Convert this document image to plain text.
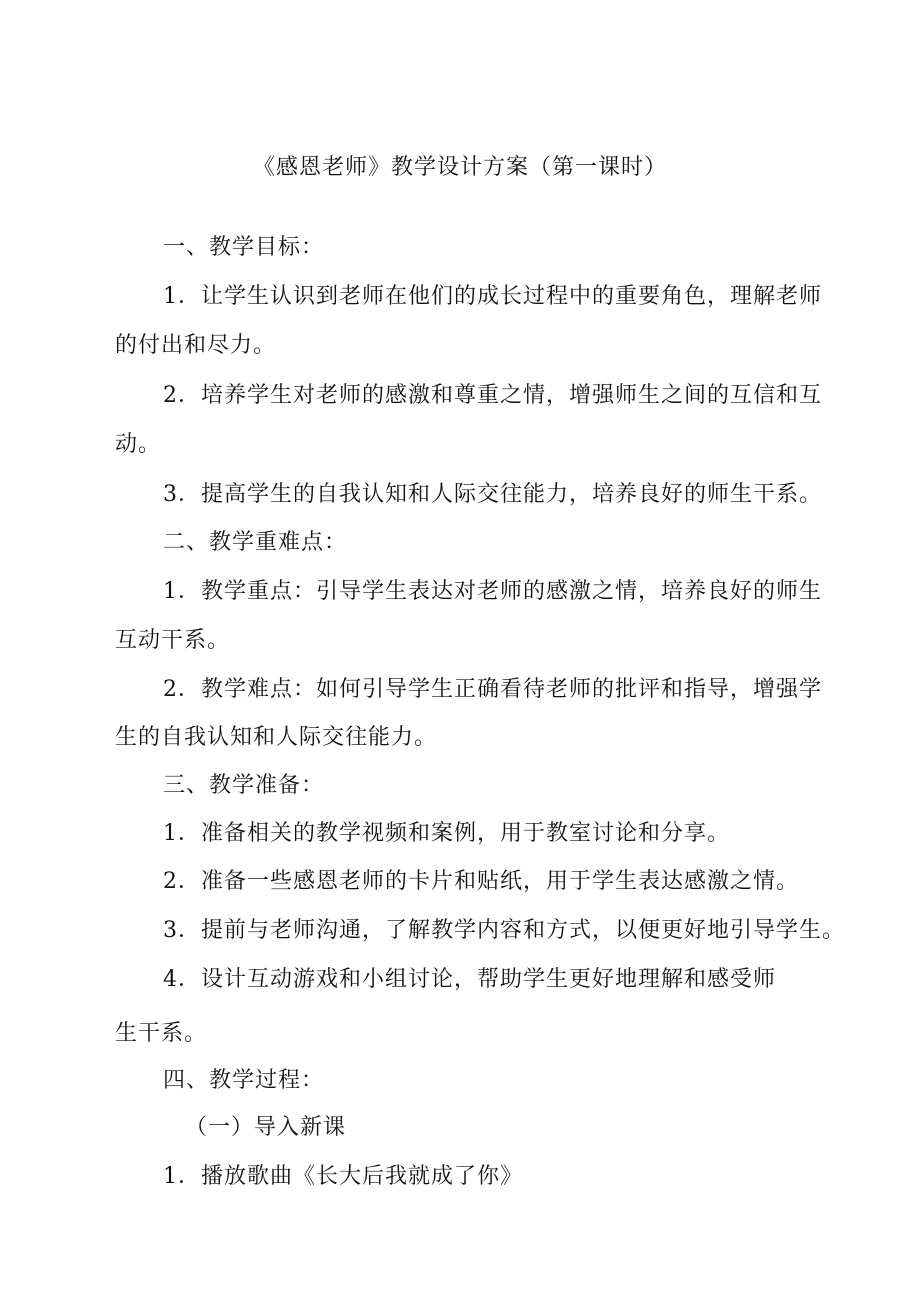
《感恩老师》教学设计方案（第一课时）
一、教学目标：
1．让学生认识到老师在他们的成长过程中的重要角色，理解老师
的付出和尽力。
2．培养学生对老师的感激和尊重之情，增强师生之间的互信和互
动。
3．提高学生的自我认知和人际交往能力，培养良好的师生干系。
二、教学重难点：
1．教学重点：引导学生表达对老师的感激之情，培养良好的师生
互动干系。
2．教学难点：如何引导学生正确看待老师的批评和指导，增强学
生的自我认知和人际交往能力。
三、教学准备：
1．准备相关的教学视频和案例，用于教室讨论和分享。
2．准备一些感恩老师的卡片和贴纸，用于学生表达感激之情。
3．提前与老师沟通，了解教学内容和方式，以便更好地引导学生。
4．设计互动游戏和小组讨论，帮助学生更好地理解和感受师
生干系。
四、教学过程：
（一）导入新课
1．播放歌曲《长大后我就成了你》
